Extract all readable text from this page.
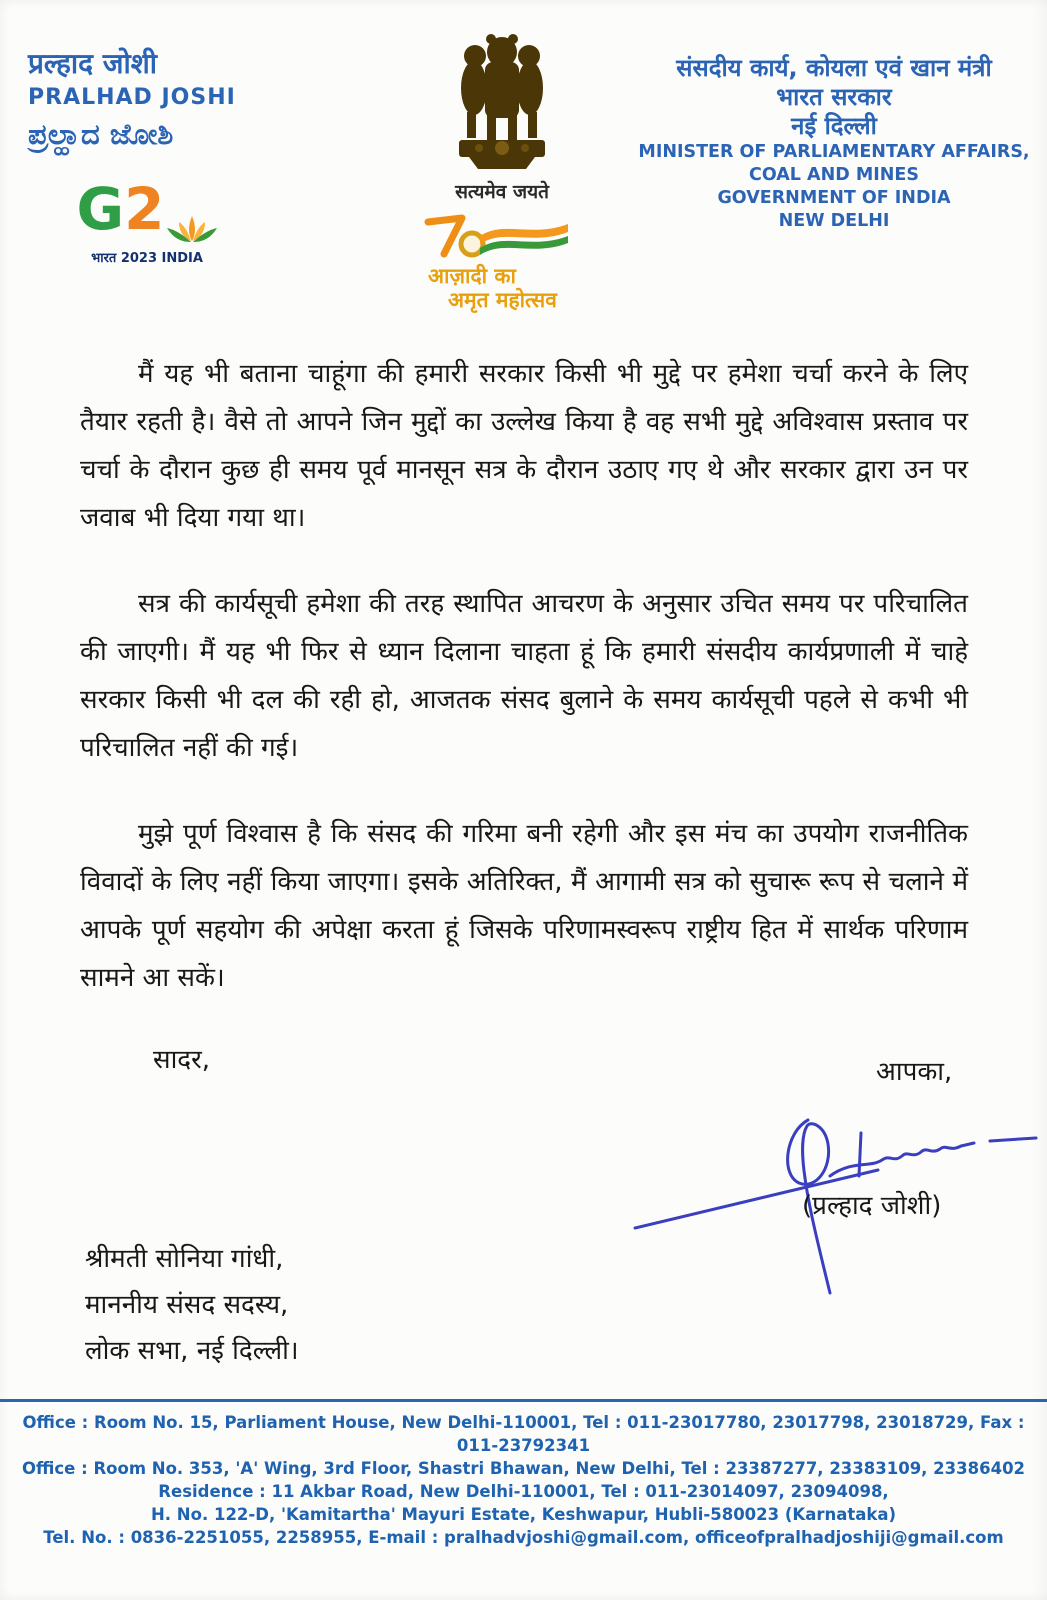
प्रल्हाद जोशी
PRALHAD JOSHI
ಪ್ರಲ್ಹಾದ ಜೋಶಿ
G 2
भारत 2023 INDIA
सत्यमेव जयते
आज़ादी का
अमृत महोत्सव
संसदीय कार्य, कोयला एवं खान मंत्री
भारत सरकार
नई दिल्ली
MINISTER OF PARLIAMENTARY AFFAIRS,
COAL AND MINES
GOVERNMENT OF INDIA
NEW DELHI

मैं यह भी बताना चाहूंगा की हमारी सरकार किसी भी मुद्दे पर हमेशा चर्चा करने के लिए तैयार रहती है। वैसे तो आपने जिन मुद्दों का उल्लेख किया है वह सभी मुद्दे अविश्वास प्रस्ताव पर चर्चा के दौरान कुछ ही समय पूर्व मानसून सत्र के दौरान उठाए गए थे और सरकार द्वारा उन पर जवाब भी दिया गया था।

सत्र की कार्यसूची हमेशा की तरह स्थापित आचरण के अनुसार उचित समय पर परिचालित की जाएगी। मैं यह भी फिर से ध्यान दिलाना चाहता हूं कि हमारी संसदीय कार्यप्रणाली में चाहे सरकार किसी भी दल की रही हो, आजतक संसद बुलाने के समय कार्यसूची पहले से कभी भी परिचालित नहीं की गई।

मुझे पूर्ण विश्वास है कि संसद की गरिमा बनी रहेगी और इस मंच का उपयोग राजनीतिक विवादों के लिए नहीं किया जाएगा। इसके अतिरिक्त, मैं आगामी सत्र को सुचारू रूप से चलाने में आपके पूर्ण सहयोग की अपेक्षा करता हूं जिसके परिणामस्वरूप राष्ट्रीय हित में सार्थक परिणाम सामने आ सकें।

सादर,	आपका,
(प्रल्हाद जोशी)
श्रीमती सोनिया गांधी,
माननीय संसद सदस्य,
लोक सभा, नई दिल्ली।
Office : Room No. 15, Parliament House, New Delhi-110001, Tel : 011-23017780, 23017798, 23018729, Fax : 011-23792341
Office : Room No. 353, 'A' Wing, 3rd Floor, Shastri Bhawan, New Delhi, Tel : 23387277, 23383109, 23386402
Residence : 11 Akbar Road, New Delhi-110001, Tel : 011-23014097, 23094098,
H. No. 122-D, 'Kamitartha' Mayuri Estate, Keshwapur, Hubli-580023 (Karnataka)
Tel. No. : 0836-2251055, 2258955, E-mail : pralhadvjoshi@gmail.com, officeofpralhadjoshiji@gmail.com
